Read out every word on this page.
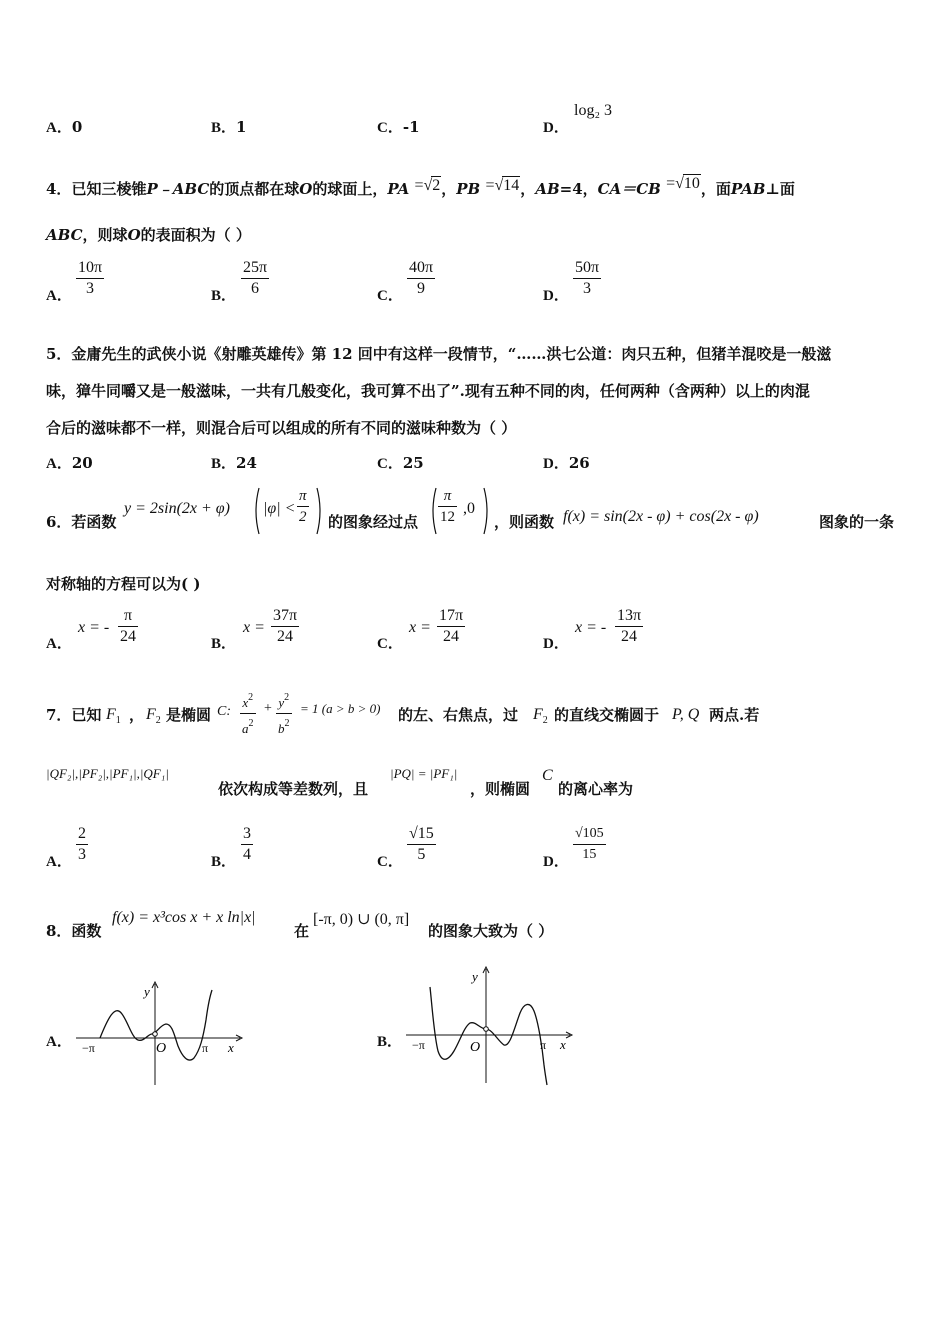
A．0	B．1	C．-1	D．
log₂ 3
4．已知三棱锥P﹣ABC的顶点都在球O的球面上，PA =√2，PB =√14，AB=4，CA＝CB =√10，面PAB⊥面
ABC，则球O的表面积为（ ）
A． $\frac{10\pi}{3}$	B． $\frac{25\pi}{6}$	C． $\frac{40\pi}{9}$	D． $\frac{50\pi}{3}$
5．金庸先生的武侠小说《射雕英雄传》第 12 回中有这样一段情节，“……洪七公道：肉只五种，但猪羊混咬是一般滋
味，獐牛同嚼又是一般滋味，一共有几般变化，我可算不出了”.现有五种不同的肉，任何两种（含两种）以上的肉混
合后的滋味都不一样，则混合后可以组成的所有不同的滋味种数为（ ）
A．20	B．24	C．25	D．26
6．若函数
y = 2sin(2x + φ) $|\varphi| < \frac{\pi}{2}$ 的图象经过点 $\frac{\pi}{12} ,0$
，则函数 f(x) = sin(2x - φ) + cos(2x - φ)	图象的一条
对称轴的方程可以为( )
A．
x = - $\frac{\pi}{24}$	B．
$x = \frac{37\pi}{24}$	C．
$x = \frac{17\pi}{24}$	D．
x = - $\frac{13\pi}{24}$
7．已知 $F_1$ ， $F_2$ 是椭圆 C: $\frac{x^2}{a^2} + \frac{y^2}{b^2} = 1$ (a > b > 0) 的左、右焦点，过 $F_2$ 的直线交椭圆于 P, Q 两点.若
|QF₂|,|PF₂|,|PF₁|,|QF₁|
依次构成等差数列，且
|PQ| = |PF₁|
，则椭圆
C
的离心率为
A． $\frac{2}{3}$	B． $\frac{3}{4}$	C． $\frac{√15}{5}$	D． $\frac{√105}{15}$
8．函数
f(x) = x³cos x + x ln|x|
在
[-π, 0) ∪ (0, π]
的图象大致为（ ）
A．
y
x
O
−π	π	B．
y
x
O
−π	π
